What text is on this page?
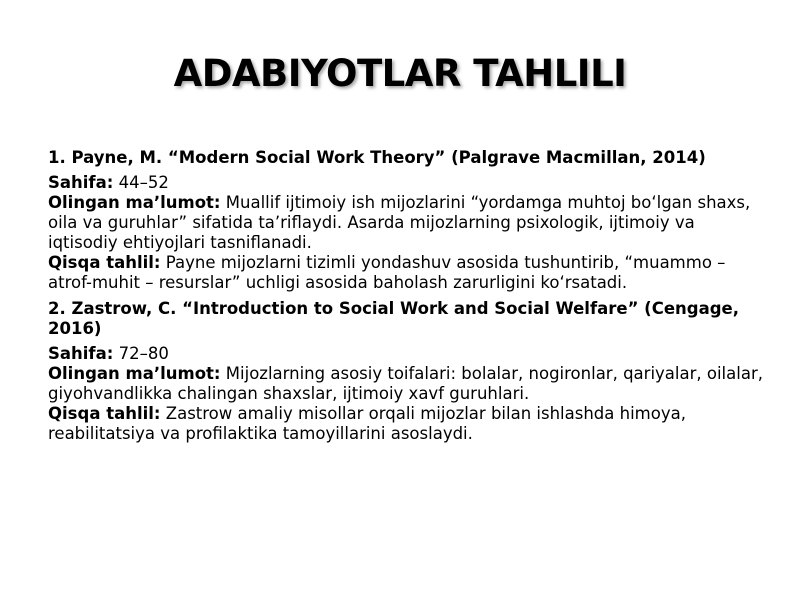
ADABIYOTLAR TAHLILI
1. Payne, M. “Modern Social Work Theory” (Palgrave Macmillan, 2014)

Sahifa: 44–52

Olingan maʼlumot: Muallif ijtimoiy ish mijozlarini “yordamga muhtoj boʻlgan shaxs, oila va guruhlar” sifatida taʼriflaydi. Asarda mijozlarning psixologik, ijtimoiy va iqtisodiy ehtiyojlari tasniflanadi.

Qisqa tahlil: Payne mijozlarni tizimli yondashuv asosida tushuntirib, “muammo – atrof-muhit – resurslar” uchligi asosida baholash zarurligini koʻrsatadi.

2. Zastrow, C. “Introduction to Social Work and Social Welfare” (Cengage, 2016)

Sahifa: 72–80

Olingan maʼlumot: Mijozlarning asosiy toifalari: bolalar, nogironlar, qariyalar, oilalar, giyohvandlikka chalingan shaxslar, ijtimoiy xavf guruhlari.

Qisqa tahlil: Zastrow amaliy misollar orqali mijozlar bilan ishlashda himoya, reabilitatsiya va profilaktika tamoyillarini asoslaydi.
